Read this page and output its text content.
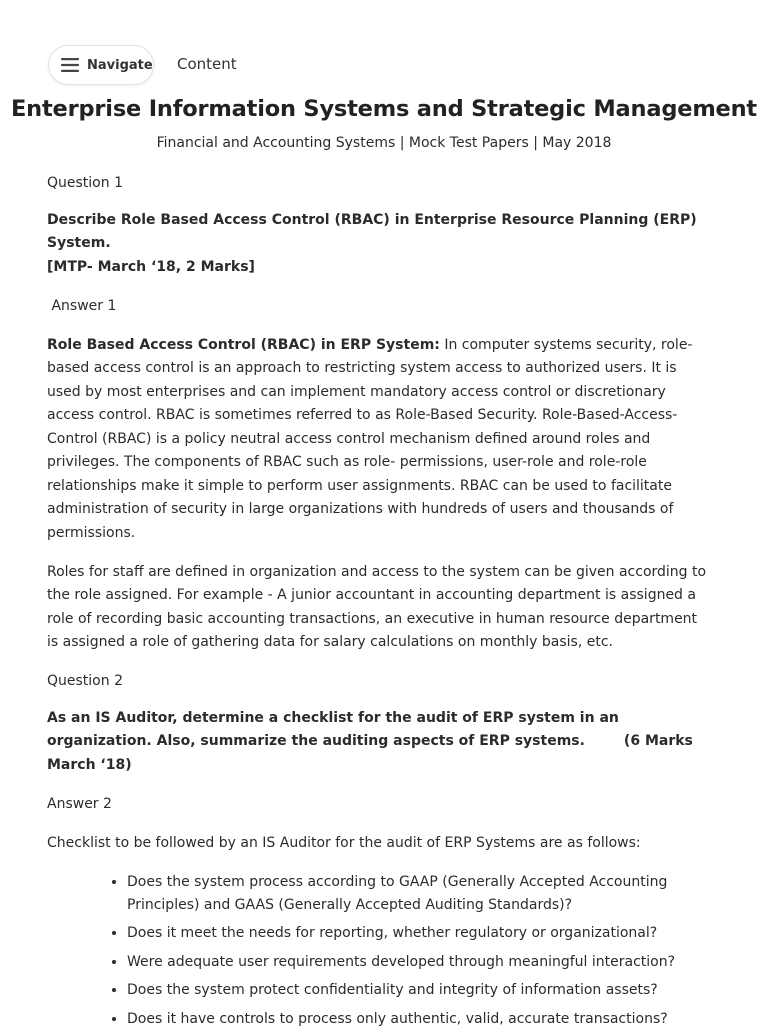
Navigate Content
Enterprise Information Systems and Strategic Management
Financial and Accounting Systems | Mock Test Papers | May 2018

Question 1

Describe Role Based Access Control (RBAC) in Enterprise Resource Planning (ERP) System.
[MTP- March ‘18, 2 Marks]

Answer 1

Role Based Access Control (RBAC) in ERP System: In computer systems security, role-based access control is an approach to restricting system access to authorized users. It is used by most enterprises and can implement mandatory access control or discretionary access control. RBAC is sometimes referred to as Role-Based Security. Role-Based-Access-Control (RBAC) is a policy neutral access control mechanism defined around roles and privileges. The components of RBAC such as role- permissions, user-role and role-role relationships make it simple to perform user assignments. RBAC can be used to facilitate administration of security in large organizations with hundreds of users and thousands of permissions.

Roles for staff are defined in organization and access to the system can be given according to the role assigned. For example - A junior accountant in accounting department is assigned a role of recording basic accounting transactions, an executive in human resource department is assigned a role of gathering data for salary calculations on monthly basis, etc.

Question 2

As an IS Auditor, determine a checklist for the audit of ERP system in an organization. Also, summarize the auditing aspects of ERP systems.        (6 Marks March ‘18)

Answer 2

Checklist to be followed by an IS Auditor for the audit of ERP Systems are as follows:

• Does the system process according to GAAP (Generally Accepted Accounting Principles) and GAAS (Generally Accepted Auditing Standards)?
• Does it meet the needs for reporting, whether regulatory or organizational?
• Were adequate user requirements developed through meaningful interaction?
• Does the system protect confidentiality and integrity of information assets?
• Does it have controls to process only authentic, valid, accurate transactions?
